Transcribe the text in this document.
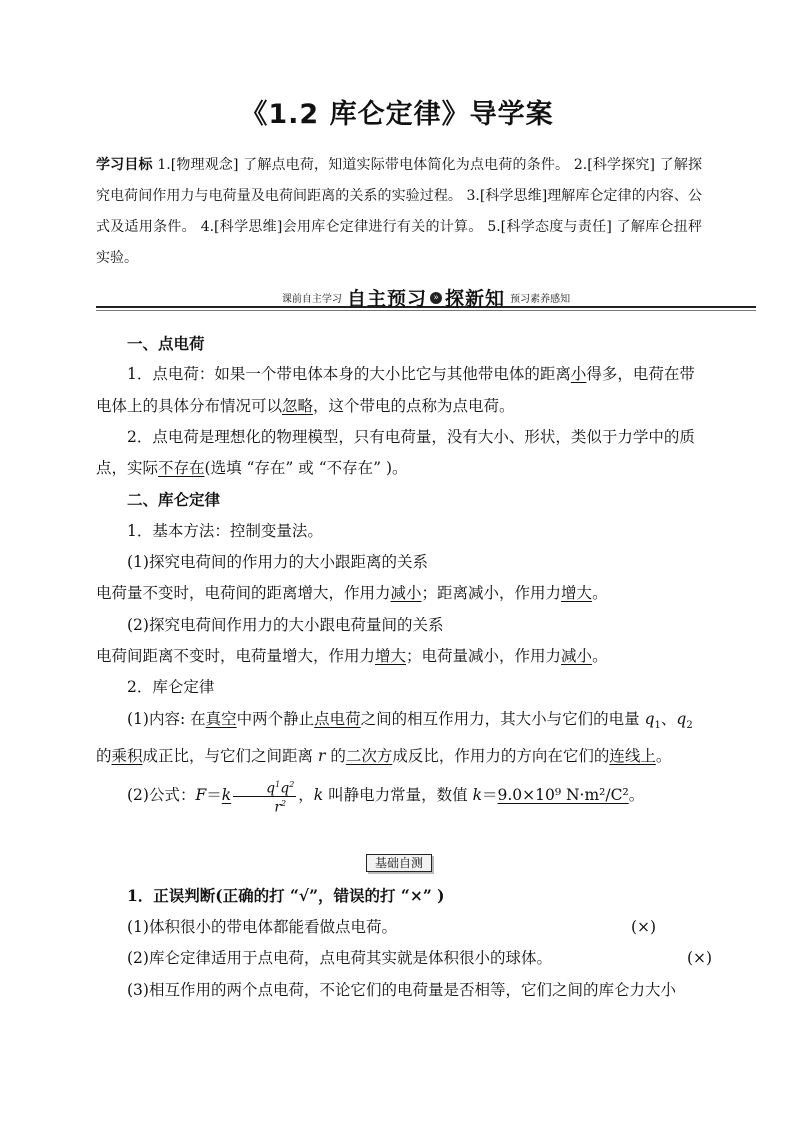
《1.2 库仑定律》导学案
学习目标 1.[物理观念] 了解点电荷，知道实际带电体简化为点电荷的条件。 2.[科学探究] 了解探究电荷间作用力与电荷量及电荷间距离的关系的实验过程。 3.[科学思维]理解库仑定律的内容、公式及适用条件。 4.[科学思维]会用库仑定律进行有关的计算。 5.[科学态度与责任] 了解库仑扭秤实验。
课前自主学习 自主预习 » 探新知 预习素养感知

一、点电荷

1．点电荷：如果一个带电体本身的大小比它与其他带电体的距离小得多，电荷在带电体上的具体分布情况可以忽略，这个带电的点称为点电荷。

2．点电荷是理想化的物理模型，只有电荷量，没有大小、形状，类似于力学中的质点，实际不存在(选填 “存在” 或 “不存在” )。

二、库仑定律

1．基本方法：控制变量法。

(1)探究电荷间的作用力的大小跟距离的关系

电荷量不变时，电荷间的距离增大，作用力减小；距离减小，作用力增大。

(2)探究电荷间作用力的大小跟电荷量间的关系

电荷间距离不变时，电荷量增大，作用力增大；电荷量减小，作用力减小。

2．库仑定律

(1)内容: 在真空中两个静止点电荷之间的相互作用力，其大小与它们的电量 $q_1$、$q_2$ 的乘积成正比，与它们之间距离 r 的二次方成反比，作用力的方向在它们的连线上。

(2)公式：$F=k \frac{q^1q^2}{r^2}$ ，k 叫静电力常量，数值 k＝9.0×10⁹ N·m²/C²。

基础自测

1．正误判断(正确的打 “√”，错误的打 “×” )

(1)体积很小的带电体都能看做点电荷。	(×)

(2)库仑定律适用于点电荷，点电荷其实就是体积很小的球体。	(×)

(3)相互作用的两个点电荷，不论它们的电荷量是否相等，它们之间的库仑力大小
